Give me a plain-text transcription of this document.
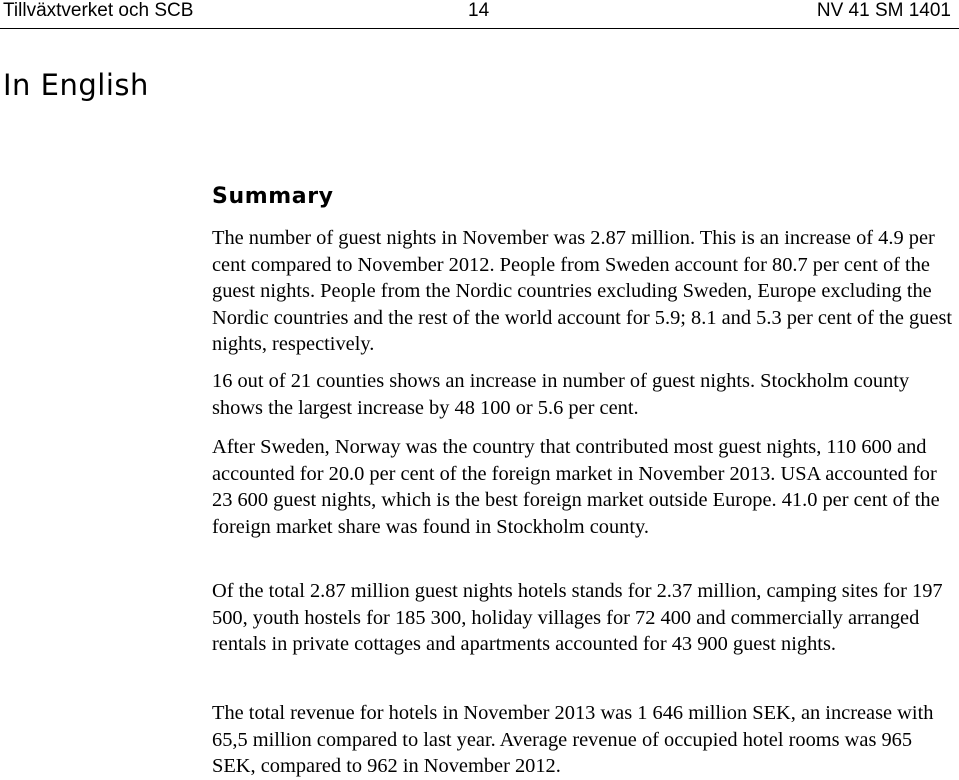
Tillväxtverket och SCB	14	NV 41 SM 1401
In English
Summary

The number of guest nights in November was 2.87 million. This is an increase of 4.9 per cent compared to November 2012. People from Sweden account for 80.7 per cent of the guest nights. People from the Nordic countries excluding Sweden, Europe excluding the Nordic countries and the rest of the world account for 5.9; 8.1 and 5.3 per cent of the guest nights, respectively.

16 out of 21 counties shows an increase in number of guest nights. Stockholm county shows the largest increase by 48 100 or 5.6 per cent.

After Sweden, Norway was the country that contributed most guest nights, 110 600 and accounted for 20.0 per cent of the foreign market in November 2013. USA accounted for 23 600 guest nights, which is the best foreign market outside Europe. 41.0 per cent of the foreign market share was found in Stockholm county.

Of the total 2.87 million guest nights hotels stands for 2.37 million, camping sites for 197 500, youth hostels for 185 300, holiday villages for 72 400 and commercially arranged rentals in private cottages and apartments accounted for 43 900 guest nights.

The total revenue for hotels in November 2013 was 1 646 million SEK, an increase with 65,5 million compared to last year. Average revenue of occupied hotel rooms was 965 SEK, compared to 962 in November 2012.
